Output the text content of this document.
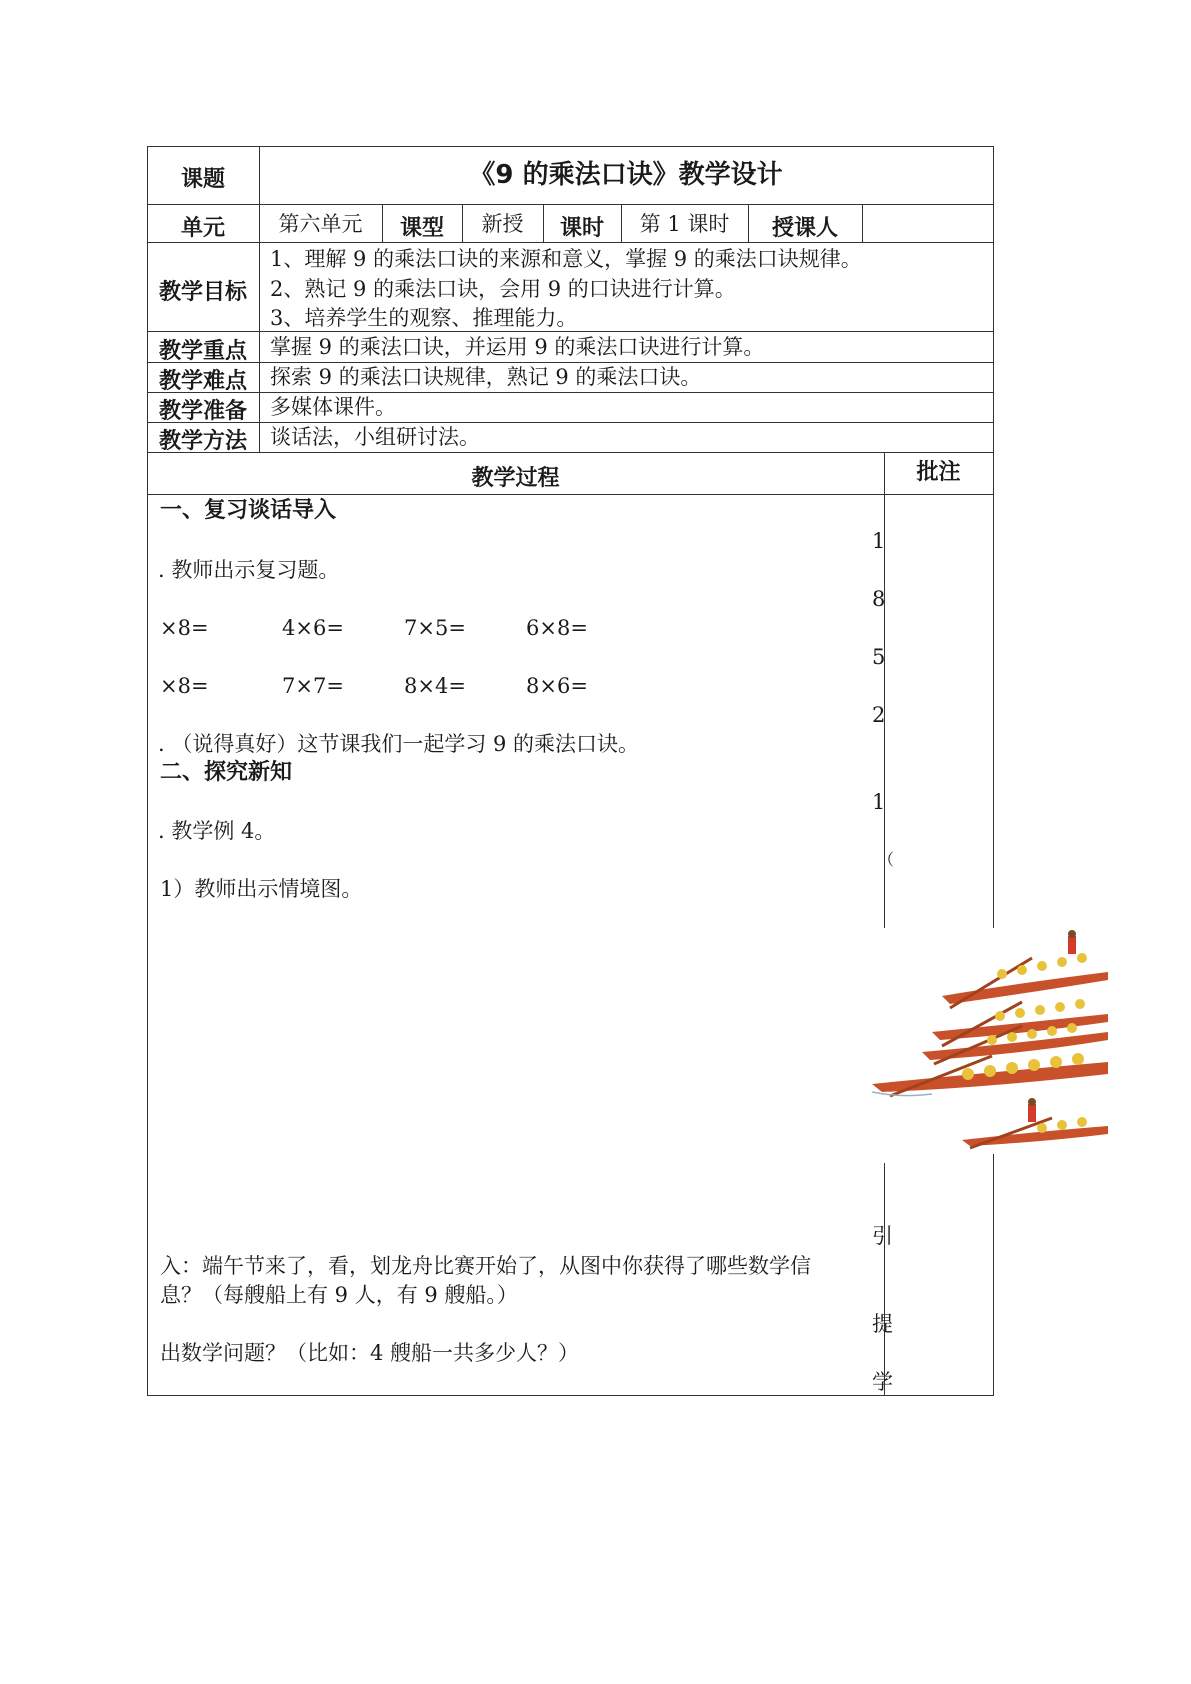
课题	《9 的乘法口诀》教学设计
单元	第六单元	课型	新授	课时	第 1 课时	授课人
教学目标
1、理解 9 的乘法口诀的来源和意义，掌握 9 的乘法口诀规律。
2、熟记 9 的乘法口诀，会用 9 的口诀进行计算。
3、培养学生的观察、推理能力。
教学重点	掌握 9 的乘法口诀，并运用 9 的乘法口诀进行计算。
教学难点	探索 9 的乘法口诀规律，熟记 9 的乘法口诀。
教学准备	多媒体课件。
教学方法	谈话法，小组研讨法。
教学过程	批注
一、复习谈话导入
. 教师出示复习题。
×8=	4×6=	7×5=	6×8=
×8=	7×7=	8×4=	8×6=
. （说得真好）这节课我们一起学习 9 的乘法口诀。
二、探究新知
. 教学例 4。
1）教师出示情境图。
入：端午节来了，看，划龙舟比赛开始了，从图中你获得了哪些数学信
息？（每艘船上有 9 人，有 9 艘船。）
出数学问题？（比如：4 艘船一共多少人？）
1
8
5
2
1
（
引
提
学
